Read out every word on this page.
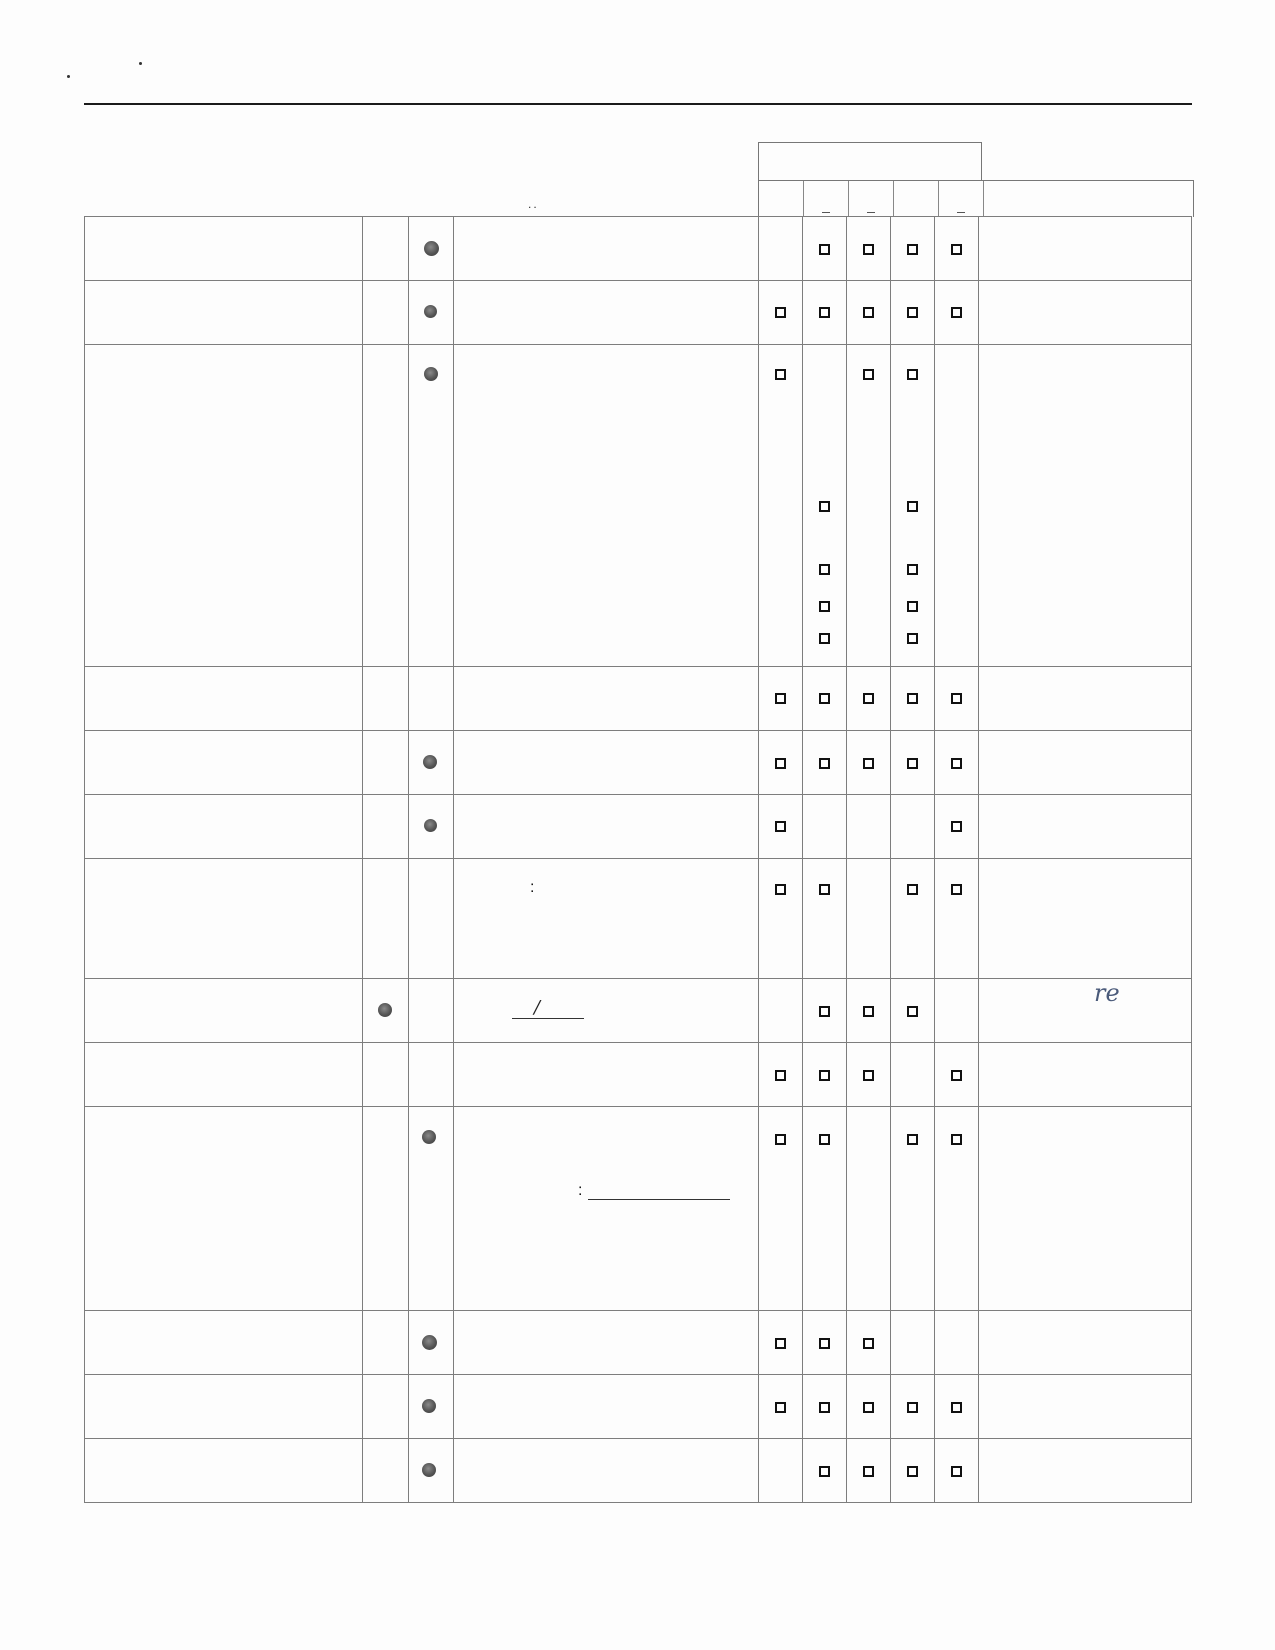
..

			:						

			/						re

			:						
